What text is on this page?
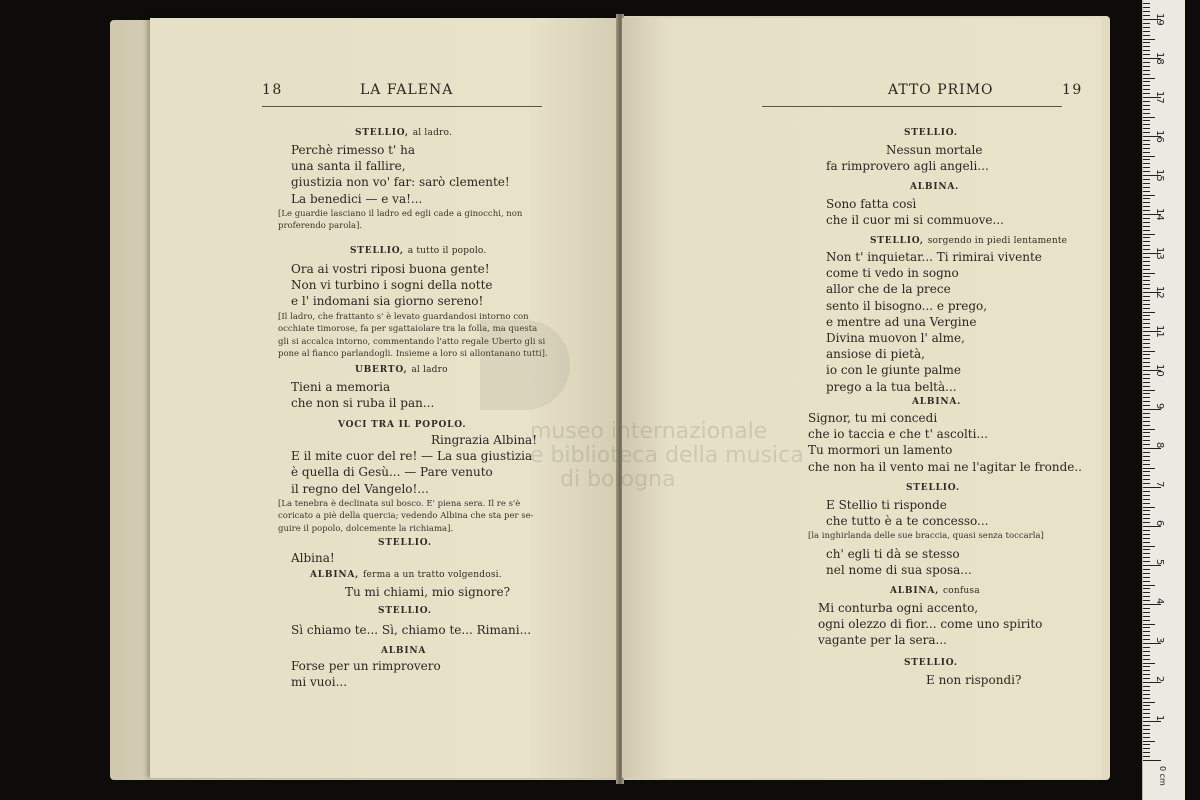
18	LA FALENA
STELLIO, al ladro.
Perchè rimesso t' ha
una santa il fallire,
giustizia non vo' far: sarò clemente!
La benedici — e va!...
[Le guardie lasciano il ladro ed egli cade a ginocchi, non
proferendo parola].
STELLIO, a tutto il popolo.
Ora ai vostri riposi buona gente!
Non vi turbino i sogni della notte
e l' indomani sia giorno sereno!
[Il ladro, che frattanto s' è levato guardandosi intorno con
occhiate timorose, fa per sgattaiolare tra la folla, ma questa
gli si accalca intorno, commentando l'atto regale Uberto gli si
pone al fianco parlandogli. Insieme a loro si allontanano tutti].
UBERTO, al ladro
Tieni a memoria
che non si ruba il pan...
VOCI TRA IL POPOLO.
Ringrazia Albina!
E il mite cuor del re! — La sua giustizia
è quella di Gesù... — Pare venuto
il regno del Vangelo!...
[La tenebra è declinata sul bosco. E' piena sera. Il re s'è
coricato a piè della quercia; vedendo Albina che sta per se-
guire il popolo, dolcemente la richiama].
STELLIO.
Albina!
ALBINA, ferma a un tratto volgendosi.
Tu mi chiami, mio signore?
STELLIO.
Sì chiamo te... Sì, chiamo te... Rimani...
ALBINA
Forse per un rimprovero
mi vuoi...
ATTO PRIMO	19
STELLIO.
Nessun mortale
fa rimprovero agli angeli...
ALBINA.
Sono fatta così
che il cuor mi si commuove...
STELLIO, sorgendo in piedi lentamente
Non t' inquietar... Ti rimirai vivente
come ti vedo in sogno
allor che de la prece
sento il bisogno... e prego,
e mentre ad una Vergine
Divina muovon l' alme,
ansiose di pietà,
io con le giunte palme
prego a la tua beltà...
ALBINA.
Signor, tu mi concedi
che io taccia e che t' ascolti...
Tu mormori un lamento
che non ha il vento mai ne l'agitar le fronde..
STELLIO.
E Stellio ti risponde
che tutto è a te concesso...
[la inghirlanda delle sue braccia, quasi senza toccarla]
ch' egli ti dà se stesso
nel nome di sua sposa...
ALBINA, confusa
Mi conturba ogni accento,
ogni olezzo di fior... come uno spirito
vagante per la sera...
STELLIO.
E non rispondi?
museo internazionale
e biblioteca della musica
di bologna
1
2
3
4
5
6
7
8
9
10
11
12
13
14
15
16
17
18
19
0 cm
